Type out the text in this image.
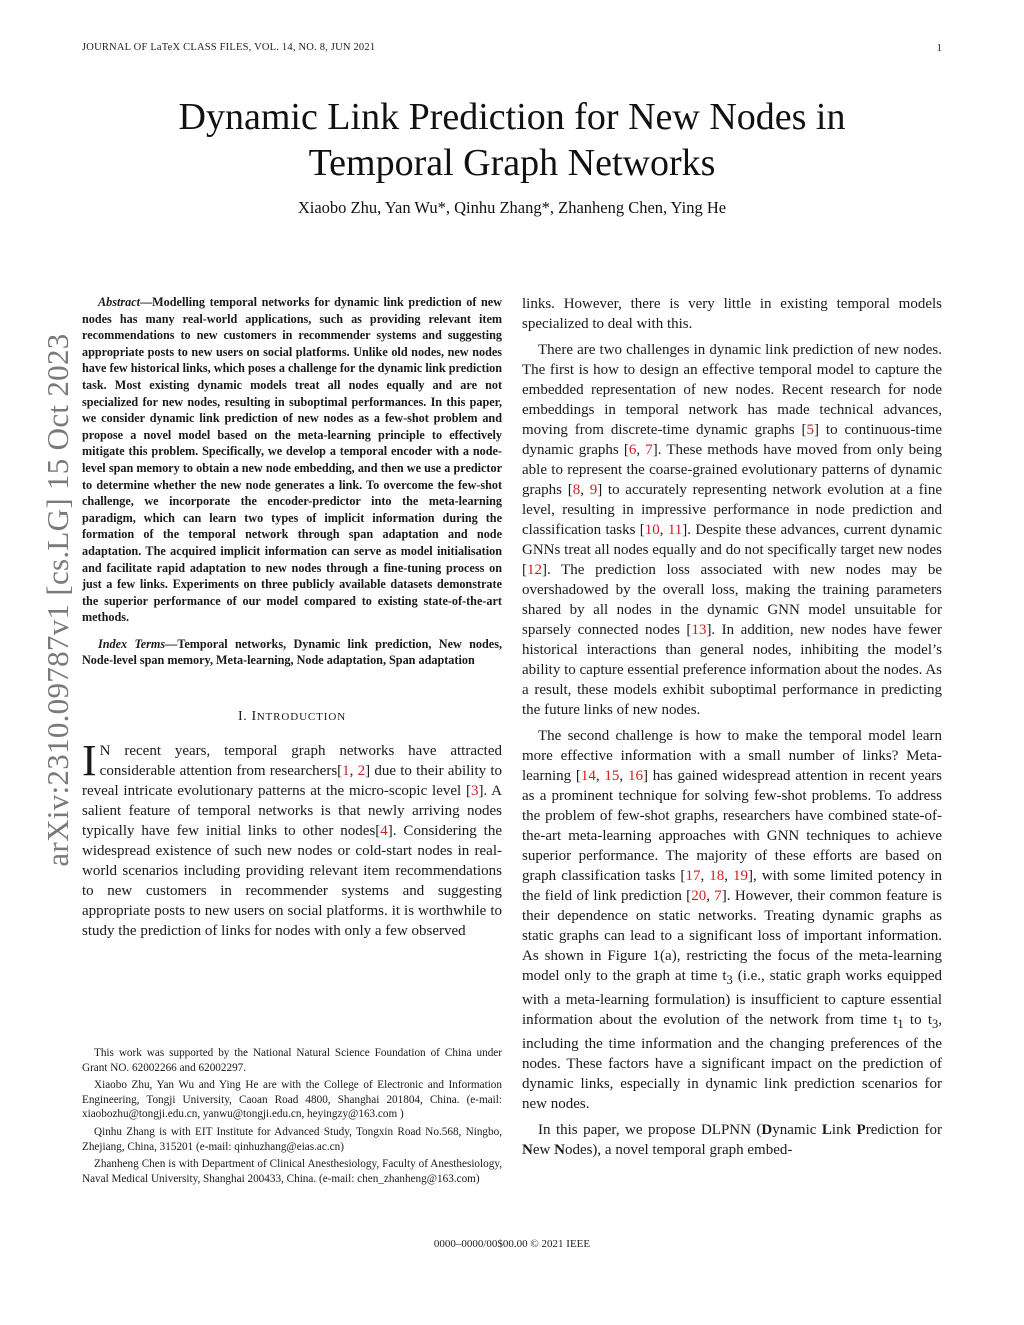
JOURNAL OF LaTeX CLASS FILES, VOL. 14, NO. 8, JUN 2021	1
Dynamic Link Prediction for New Nodes in
Temporal Graph Networks
Xiaobo Zhu, Yan Wu*, Qinhu Zhang*, Zhanheng Chen, Ying He
arXiv:2310.09787v1 [cs.LG] 15 Oct 2023

Abstract—Modelling temporal networks for dynamic link prediction of new nodes has many real-world applications, such as providing relevant item recommendations to new customers in recommender systems and suggesting appropriate posts to new users on social platforms. Unlike old nodes, new nodes have few historical links, which poses a challenge for the dynamic link prediction task. Most existing dynamic models treat all nodes equally and are not specialized for new nodes, resulting in suboptimal performances. In this paper, we consider dynamic link prediction of new nodes as a few-shot problem and propose a novel model based on the meta-learning principle to effectively mitigate this problem. Specifically, we develop a temporal encoder with a node-level span memory to obtain a new node embedding, and then we use a predictor to determine whether the new node generates a link. To overcome the few-shot challenge, we incorporate the encoder-predictor into the meta-learning paradigm, which can learn two types of implicit information during the formation of the temporal network through span adaptation and node adaptation. The acquired implicit information can serve as model initialisation and facilitate rapid adaptation to new nodes through a fine-tuning process on just a few links. Experiments on three publicly available datasets demonstrate the superior performance of our model compared to existing state-of-the-art methods.

Index Terms—Temporal networks, Dynamic link prediction, New nodes, Node-level span memory, Meta-learning, Node adaptation, Span adaptation

I. INTRODUCTION

I N recent years, temporal graph networks have attracted considerable attention from researchers[1, 2] due to their ability to reveal intricate evolutionary patterns at the micro-scopic level [3]. A salient feature of temporal networks is that newly arriving nodes typically have few initial links to other nodes[4]. Considering the widespread existence of such new nodes or cold-start nodes in real-world scenarios including providing relevant item recommendations to new customers in recommender systems and suggesting appropriate posts to new users on social platforms. it is worthwhile to study the prediction of links for nodes with only a few observed

This work was supported by the National Natural Science Foundation of China under Grant NO. 62002266 and 62002297.

Xiaobo Zhu, Yan Wu and Ying He are with the College of Electronic and Information Engineering, Tongji University, Caoan Road 4800, Shanghai 201804, China. (e-mail: xiaobozhu@tongji.edu.cn, yanwu@tongji.edu.cn, heyingzy@163.com )

Qinhu Zhang is with EIT Institute for Advanced Study, Tongxin Road No.568, Ningbo, Zhejiang, China, 315201 (e-mail: qinhuzhang@eias.ac.cn)

Zhanheng Chen is with Department of Clinical Anesthesiology, Faculty of Anesthesiology, Naval Medical University, Shanghai 200433, China. (e-mail: chen_zhanheng@163.com)

links. However, there is very little in existing temporal models specialized to deal with this.

There are two challenges in dynamic link prediction of new nodes. The first is how to design an effective temporal model to capture the embedded representation of new nodes. Recent research for node embeddings in temporal network has made technical advances, moving from discrete-time dynamic graphs [5] to continuous-time dynamic graphs [6, 7]. These methods have moved from only being able to represent the coarse-grained evolutionary patterns of dynamic graphs [8, 9] to accurately representing network evolution at a fine level, resulting in impressive performance in node prediction and classification tasks [10, 11]. Despite these advances, current dynamic GNNs treat all nodes equally and do not specifically target new nodes [12]. The prediction loss associated with new nodes may be overshadowed by the overall loss, making the training parameters shared by all nodes in the dynamic GNN model unsuitable for sparsely connected nodes [13]. In addition, new nodes have fewer historical interactions than general nodes, inhibiting the model’s ability to capture essential preference information about the nodes. As a result, these models exhibit suboptimal performance in predicting the future links of new nodes.

The second challenge is how to make the temporal model learn more effective information with a small number of links? Meta-learning [14, 15, 16] has gained widespread attention in recent years as a prominent technique for solving few-shot problems. To address the problem of few-shot graphs, researchers have combined state-of-the-art meta-learning approaches with GNN techniques to achieve superior performance. The majority of these efforts are based on graph classification tasks [17, 18, 19], with some limited potency in the field of link prediction [20, 7]. However, their common feature is their dependence on static networks. Treating dynamic graphs as static graphs can lead to a significant loss of important information. As shown in Figure 1(a), restricting the focus of the meta-learning model only to the graph at time $t_3$ (i.e., static graph works equipped with a meta-learning formulation) is insufficient to capture essential information about the evolution of the network from time $t_1$ to $t_3$, including the time information and the changing preferences of the nodes. These factors have a significant impact on the prediction of dynamic links, especially in dynamic link prediction scenarios for new nodes.

In this paper, we propose DLPNN (Dynamic Link Prediction for New Nodes), a novel temporal graph embed-

0000–0000/00$00.00 © 2021 IEEE
